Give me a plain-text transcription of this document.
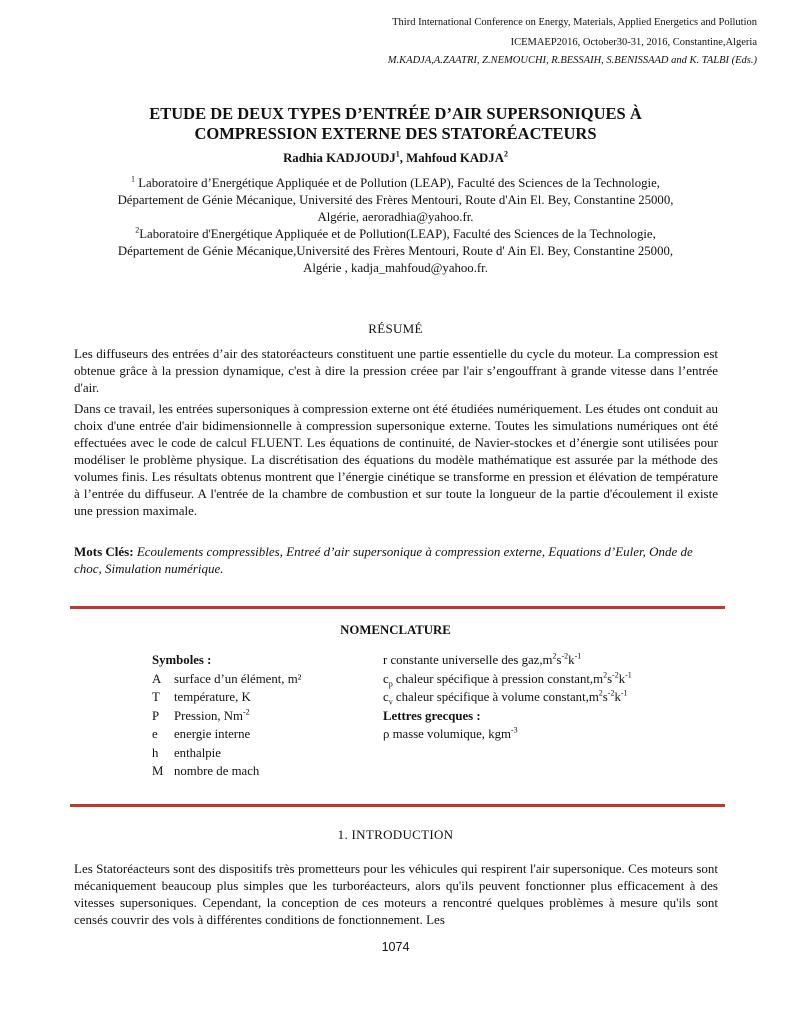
Third International Conference on Energy, Materials, Applied Energetics and Pollution
ICEMAEP2016, October30-31, 2016, Constantine,Algeria
M.KADJA,A.ZAATRI, Z.NEMOUCHI, R.BESSAIH, S.BENISSAAD and K. TALBI (Eds.)
ETUDE DE DEUX TYPES D’ENTRÉE D’AIR SUPERSONIQUES À
COMPRESSION EXTERNE DES STATORÉACTEURS
Radhia KADJOUDJ$^1$, Mahfoud KADJA$^2$
$^1$ Laboratoire d’Energétique Appliquée et de Pollution (LEAP), Faculté des Sciences de la Technologie,
Département de Génie Mécanique, Université des Frères Mentouri, Route d'Ain El. Bey, Constantine 25000,
Algérie, aeroradhia@yahoo.fr.
$^2$Laboratoire d'Energétique Appliquée et de Pollution(LEAP), Faculté des Sciences de la Technologie,
Département de Génie Mécanique,Université des Frères Mentouri, Route d' Ain El. Bey, Constantine 25000,
Algérie , kadja_mahfoud@yahoo.fr.
RÉSUMÉ
Les diffuseurs des entrées d’air des statoréacteurs constituent une partie essentielle du cycle du moteur. La compression est obtenue grâce à la pression dynamique, c'est à dire la pression créee par l'air s’engouffrant à grande vitesse dans l’entrée d'air.
Dans ce travail, les entrées supersoniques à compression externe ont été étudiées numériquement. Les études ont conduit au choix d'une entrée d'air bidimensionnelle à compression supersonique externe. Toutes les simulations numériques ont été effectuées avec le code de calcul FLUENT. Les équations de continuité, de Navier-stockes et d’énergie sont utilisées pour modéliser le problème physique. La discrétisation des équations du modèle mathématique est assurée par la méthode des volumes finis. Les résultats obtenus montrent que l’énergie cinétique se transforme en pression et élévation de température à l’entrée du diffuseur. A l'entrée de la chambre de combustion et sur toute la longueur de la partie d'écoulement il existe une pression maximale.
Mots Clés: Ecoulements compressibles, Entreé d’air supersonique à compression externe, Equations d’Euler, Onde de choc, Simulation numérique.
NOMENCLATURE
Symboles :
A surface d’un élément, m²
T température, K
P Pression, $Nm^{-2}$
e energie interne
h enthalpie
M nombre de mach
r constante universelle des $gaz,m^2s^{-2}k^{-1}$
$c_p$ chaleur spécifique à pression $constant,m^2s^{-2}k^{-1}$
$c_v$ chaleur spécifique à volume $constant,m^2s^{-2}k^{-1}$
Lettres grecques :
ρ masse volumique, kgm$^{-3}$
1. INTRODUCTION
Les Statoréacteurs sont des dispositifs très prometteurs pour les véhicules qui respirent l'air supersonique. Ces moteurs sont mécaniquement beaucoup plus simples que les turboréacteurs, alors qu'ils peuvent fonctionner plus efficacement à des vitesses supersoniques. Cependant, la conception de ces moteurs a rencontré quelques problèmes à mesure qu'ils sont censés couvrir des vols à différentes conditions de fonctionnement. Les
1074
